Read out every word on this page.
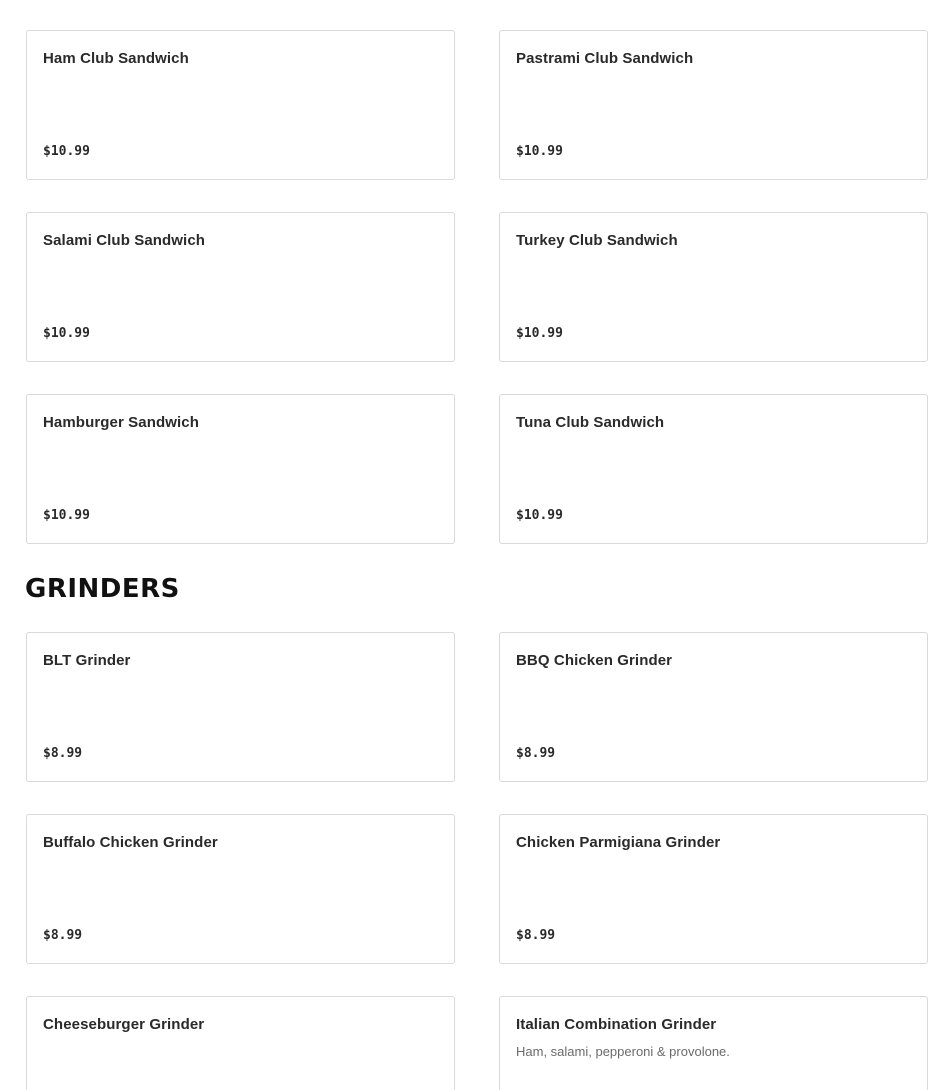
Ham Club Sandwich
$10.99
Pastrami Club Sandwich
$10.99
Salami Club Sandwich
$10.99
Turkey Club Sandwich
$10.99
Hamburger Sandwich
$10.99
Tuna Club Sandwich
$10.99
GRINDERS
BLT Grinder
$8.99
BBQ Chicken Grinder
$8.99
Buffalo Chicken Grinder
$8.99
Chicken Parmigiana Grinder
$8.99
Cheeseburger Grinder	Italian Combination Grinder
Ham, salami, pepperoni & provolone.
